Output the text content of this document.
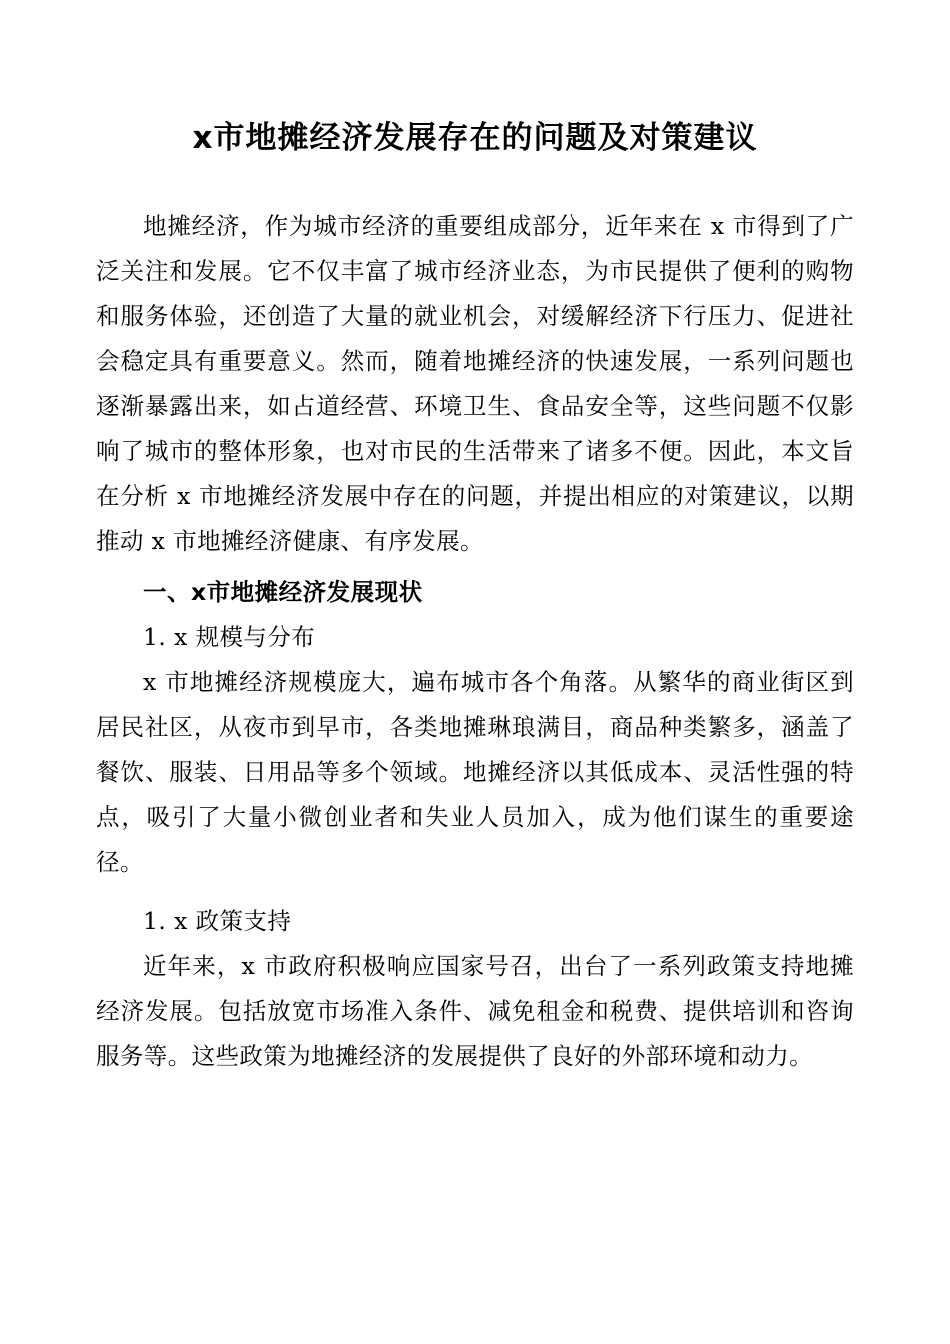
x市地摊经济发展存在的问题及对策建议

地摊经济，作为城市经济的重要组成部分，近年来在 x 市得到了广泛关注和发展。它不仅丰富了城市经济业态，为市民提供了便利的购物和服务体验，还创造了大量的就业机会，对缓解经济下行压力、促进社会稳定具有重要意义。然而，随着地摊经济的快速发展，一系列问题也逐渐暴露出来，如占道经营、环境卫生、食品安全等，这些问题不仅影响了城市的整体形象，也对市民的生活带来了诸多不便。因此，本文旨在分析 x 市地摊经济发展中存在的问题，并提出相应的对策建议，以期推动 x 市地摊经济健康、有序发展。

一、x市地摊经济发展现状

1. x 规模与分布

x 市地摊经济规模庞大，遍布城市各个角落。从繁华的商业街区到居民社区，从夜市到早市，各类地摊琳琅满目，商品种类繁多，涵盖了餐饮、服装、日用品等多个领域。地摊经济以其低成本、灵活性强的特点，吸引了大量小微创业者和失业人员加入，成为他们谋生的重要途径。

1. x 政策支持

近年来，x 市政府积极响应国家号召，出台了一系列政策支持地摊经济发展。包括放宽市场准入条件、减免租金和税费、提供培训和咨询服务等。这些政策为地摊经济的发展提供了良好的外部环境和动力。
